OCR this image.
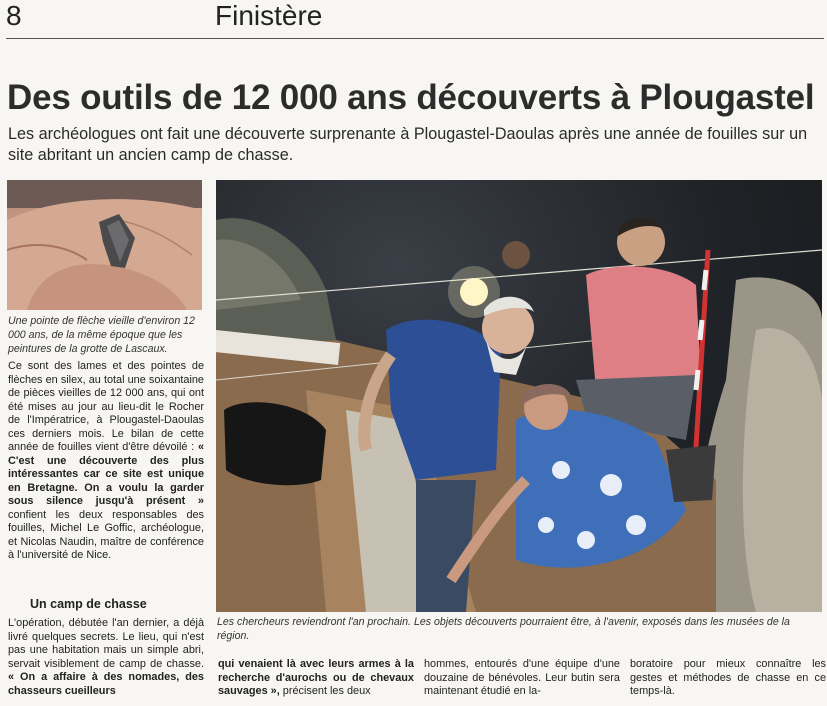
8	Finistère
Des outils de 12 000 ans découverts à Plougastel
Les archéologues ont fait une découverte surprenante à Plougastel-Daoulas après une année de fouilles sur un site abritant un ancien camp de chasse.
Une pointe de flèche vieille d'environ 12 000 ans, de la même époque que les peintures de la grotte de Lascaux.
Les chercheurs reviendront l'an prochain. Les objets découverts pourraient être, à l'avenir, exposés dans les musées de la région.

Ce sont des lames et des pointes de flèches en silex, au total une soixantaine de pièces vieilles de 12 000 ans, qui ont été mises au jour au lieu-dit le Rocher de l'Impératrice, à Plougastel-Daoulas ces derniers mois. Le bilan de cette année de fouilles vient d'être dévoilé : « C'est une découverte des plus intéressantes car ce site est unique en Bretagne. On a voulu la garder sous silence jusqu'à présent » confient les deux responsables des fouilles, Michel Le Goffic, archéologue, et Nicolas Naudin, maître de conférence à l'université de Nice.

Un camp de chasse
L'opération, débutée l'an dernier, a déjà livré quelques secrets. Le lieu, qui n'est pas une habitation mais un simple abri, servait visiblement de camp de chasse. « On a affaire à des nomades, des chasseurs cueilleurs
qui venaient là avec leurs armes à la recherche d'aurochs ou de chevaux sauvages », précisent les deux
hommes, entourés d'une équipe d'une douzaine de bénévoles. Leur butin sera maintenant étudié en la-
boratoire pour mieux connaître les gestes et méthodes de chasse en ce temps-là.
